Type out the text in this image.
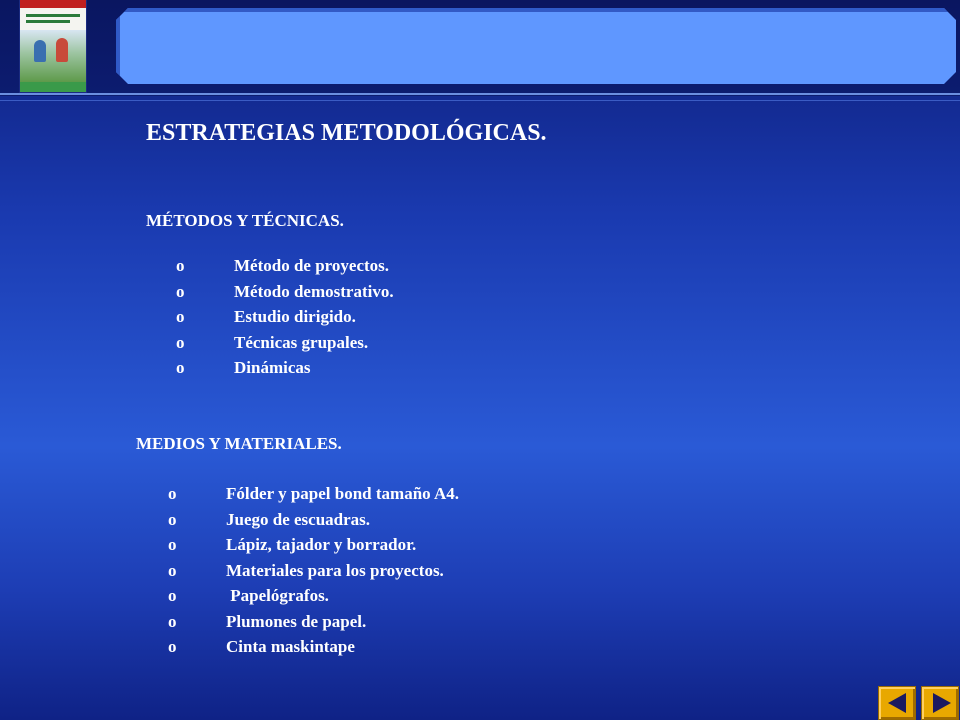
ESTRATEGIAS METODOLÓGICAS.
MÉTODOS Y TÉCNICAS.
o	Método de proyectos.
o	Método demostrativo.
o	Estudio dirigido.
o	Técnicas grupales.
o	Dinámicas
MEDIOS Y MATERIALES.
o	Fólder y papel bond tamaño A4.
o	Juego de escuadras.
o	Lápiz, tajador y borrador.
o	Materiales para los proyectos.
o	Papelógrafos.
o	Plumones de papel.
o	Cinta maskintape
